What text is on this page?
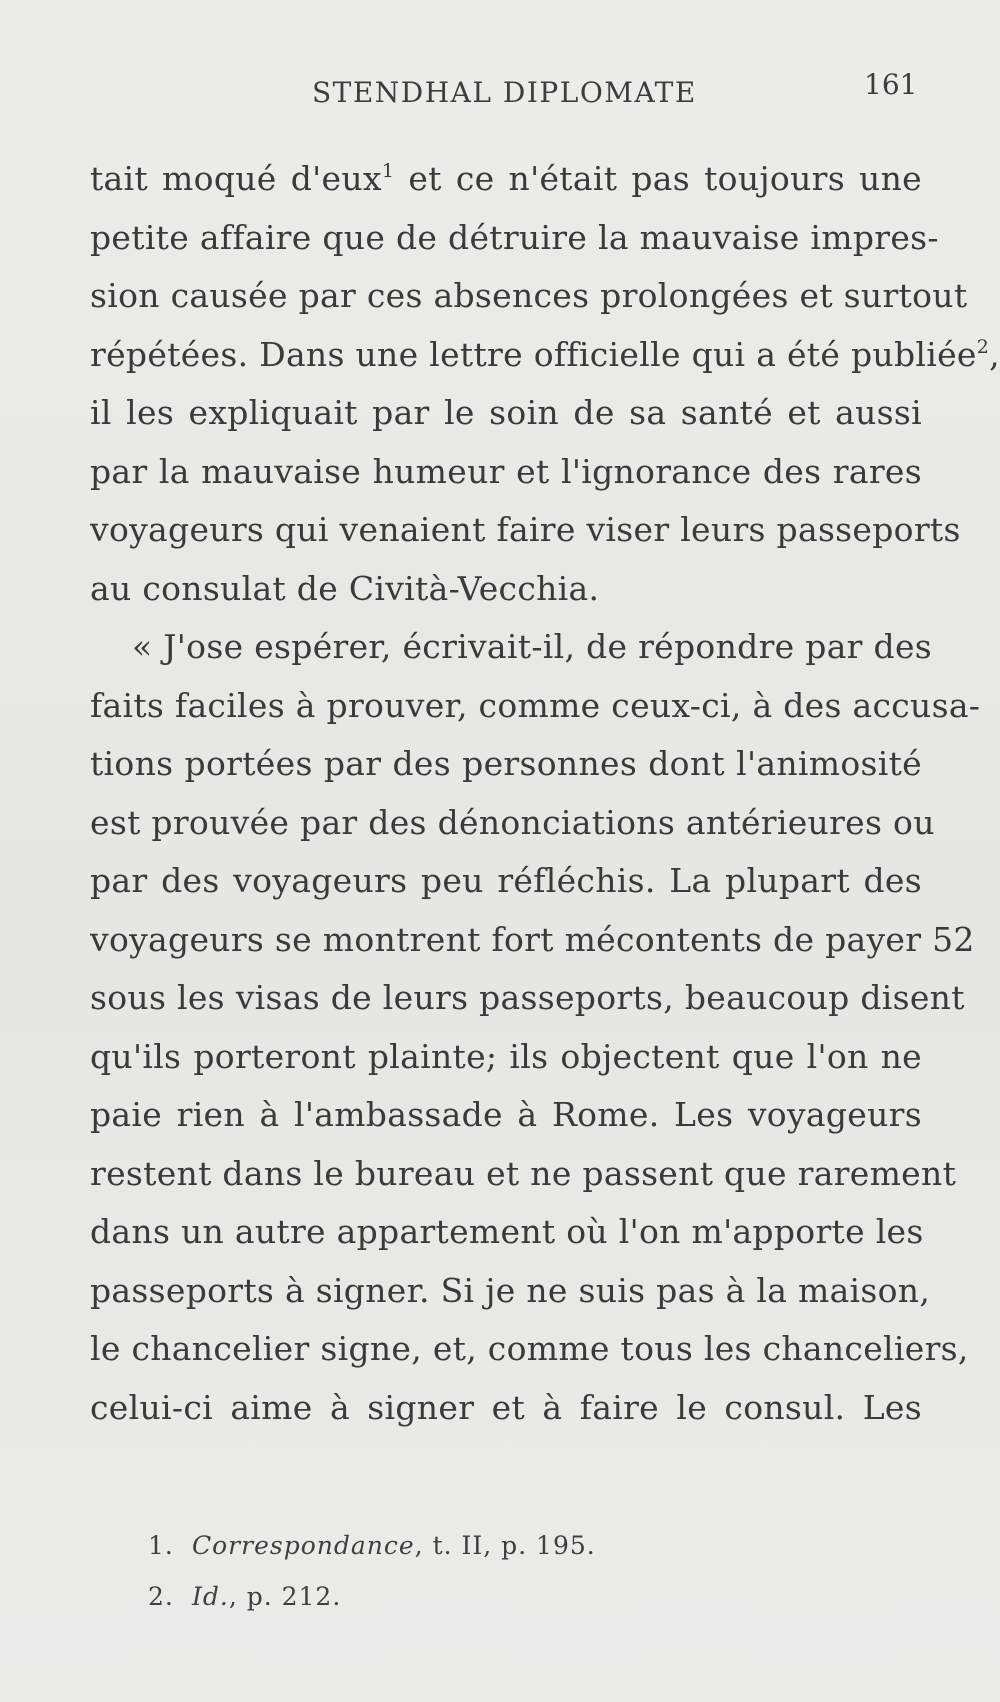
STENDHAL DIPLOMATE	161
tait moqué d'eux$^1$ et ce n'était pas toujours une
petite affaire que de détruire la mauvaise impres-
sion causée par ces absences prolongées et surtout
répétées. Dans une lettre officielle qui a été publiée$^2$,
il les expliquait par le soin de sa santé et aussi
par la mauvaise humeur et l'ignorance des rares
voyageurs qui venaient faire viser leurs passeports
au consulat de Cività-Vecchia.
« J'ose espérer, écrivait-il, de répondre par des
faits faciles à prouver, comme ceux-ci, à des accusa-
tions portées par des personnes dont l'animosité
est prouvée par des dénonciations antérieures ou
par des voyageurs peu réfléchis. La plupart des
voyageurs se montrent fort mécontents de payer 52
sous les visas de leurs passeports, beaucoup disent
qu'ils porteront plainte; ils objectent que l'on ne
paie rien à l'ambassade à Rome. Les voyageurs
restent dans le bureau et ne passent que rarement
dans un autre appartement où l'on m'apporte les
passeports à signer. Si je ne suis pas à la maison,
le chancelier signe, et, comme tous les chanceliers,
celui-ci aime à signer et à faire le consul. Les
1. Correspondance, t. II, p. 195.
2. Id., p. 212.
